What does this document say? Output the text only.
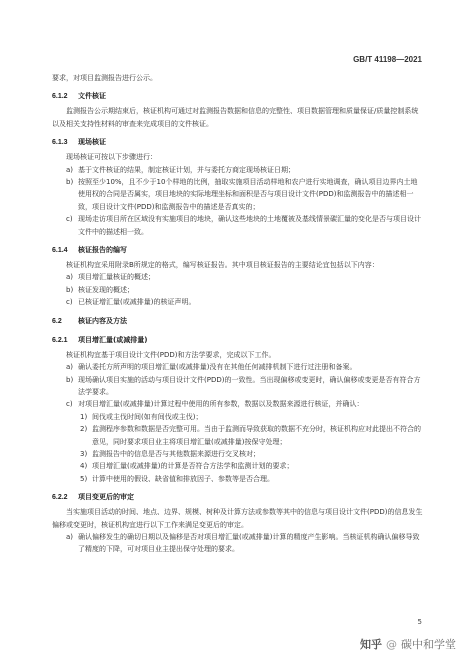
GB/T 41198—2021

要求，对项目监测报告进行公示。

6.1.2 文件核证

监测报告公示期结束后，核证机构可通过对监测报告数据和信息的完整性、项目数据管理和质量保证/质量控制系统以及相关支持性材料的审查来完成项目的文件核证。

6.1.3 现场核证

现场核证可按以下步骤进行：

a) 基于文件核证的结果，制定核证计划，并与委托方商定现场核证日期；

b) 按照至少10%，且不少于10个样地的比例，抽取实施项目活动样地和农户进行实地调查，确认项目边界内土地使用权的合同是否属实，项目地块的实际地理坐标和面积是否与项目设计文件(PDD)和监测报告中的描述相一致，项目设计文件(PDD)和监测报告中的描述是否真实的；

c) 现场走访项目所在区域没有实施项目的地块，确认这些地块的土地覆被及基线情景碳汇量的变化是否与项目设计文件中的描述相一致。

6.1.4 核证报告的编写

核证机构宜采用附录B所规定的格式，编写核证报告。其中项目核证报告的主要结论宜包括以下内容：

a) 项目增汇量核证的概述；

b) 核证发现的概述；

c) 已核证增汇量(或减排量)的核证声明。

6.2 核证内容及方法
6.2.1 项目增汇量(或减排量)

核证机构宜基于项目设计文件(PDD)和方法学要求，完成以下工作。

a) 确认委托方所声明的项目增汇量(或减排量)没有在其他任何减排机制下进行过注册和备案。

b) 现场确认项目实施的活动与项目设计文件(PDD)的一致性。当出现偏移或变更时，确认偏移或变更是否有符合方法学要求。

c) 对项目增汇量(或减排量)计算过程中使用的所有参数，数据以及数据来源进行核证，并确认：

1) 间伐或主伐时间(如有间伐或主伐)；

2) 监测程序参数和数据是否完整可用。当由于监测而导致获取的数据不充分时，核证机构应对此提出不符合的意见，同时要求项目业主将项目增汇量(或减排量)按保守处理；

3) 监测报告中的信息是否与其他数据来源进行交叉核对；

4) 项目增汇量(或减排量)的计算是否符合方法学和监测计划的要求；

5) 计算中使用的假设、缺省值和排放因子、参数等是否合理。

6.2.2 项目变更后的审定

当实施项目活动的时间、地点、边界、规模、树种及计算方法或参数等其中的信息与项目设计文件(PDD)的信息发生偏移或变更时，核证机构宜进行以下工作来满足变更后的审定。

a) 确认偏移发生的确切日期以及偏移是否对项目增汇量(或减排量)计算的精度产生影响。当核证机构确认偏移导致了精度的下降，可对项目业主提出保守处理的要求。

5
知乎 @ 碳中和学堂
